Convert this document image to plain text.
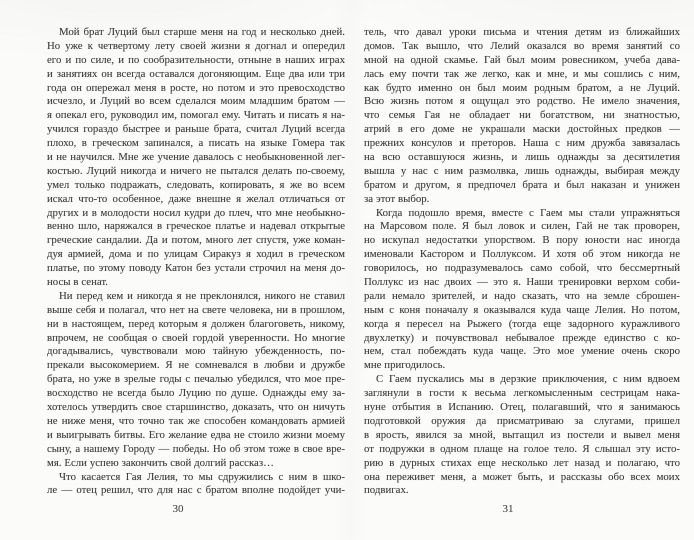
Мой брат Луций был старше меня на год и несколько дней.
Но уже к четвертому лету своей жизни я догнал и опередил
его и по силе, и по сообразительности, отныне в наших играх
и занятиях он всегда оставался догоняющим. Еще два или три
года он опережал меня в росте, но потом и это превосходство
исчезло, и Луций во всем сделался моим младшим братом —
я опекал его, руководил им, помогал ему. Читать и писать я на-
учился гораздо быстрее и раньше брата, считал Луций всегда
плохо, в греческом запинался, а писать на языке Гомера так
и не научился. Мне же учение давалось с необыкновенной лег-
костью. Луций никогда и ничего не пытался делать по-своему,
умел только подражать, следовать, копировать, я же во всем
искал что-то особенное, даже внешне я желал отличаться от
других и в молодости носил кудри до плеч, что мне необыкно-
венно шло, наряжался в греческое платье и надевал открытые
греческие сандалии. Да и потом, много лет спустя, уже коман-
дуя армией, дома и по улицам Сиракуз я ходил в греческом
платье, по этому поводу Катон без устали строчил на меня до-
носы в сенат.
Ни перед кем и никогда я не преклонялся, никого не ставил
выше себя и полагал, что нет на свете человека, ни в прошлом,
ни в настоящем, перед которым я должен благоговеть, никому,
впрочем, не сообщая о своей гордой уверенности. Но многие
догадывались, чувствовали мою тайную убежденность, по-
прекали высокомерием. Я не сомневался в любви и дружбе
брата, но уже в зрелые годы с печалью убедился, что мое пре-
восходство не всегда было Луцию по душе. Однажды ему за-
хотелось утвердить свое старшинство, доказать, что он ничуть
не ниже меня, что точно так же способен командовать армией
и выигрывать битвы. Его желание едва не стоило жизни моему
сыну, а нашему Городу — победы. Но об этом тоже в свое вре-
мя. Если успею закончить свой долгий рассказ…
Что касается Гая Лелия, то мы сдружились с ним в шко-
ле — отец решил, что для нас с братом вполне подойдет учи-
30
тель, что давал уроки письма и чтения детям из ближайших
домов. Так вышло, что Лелий оказался во время занятий со
мной на одной скамье. Гай был моим ровесником, учеба дава-
лась ему почти так же легко, как и мне, и мы сошлись с ним,
как будто именно он был моим родным братом, а не Луций.
Всю жизнь потом я ощущал это родство. Не имело значения,
что семья Гая не обладает ни богатством, ни знатностью,
атрий в его доме не украшали маски достойных предков —
прежних консулов и преторов. Наша с ним дружба завязалась
на всю оставшуюся жизнь, и лишь однажды за десятилетия
вышла у нас с ним размолвка, лишь однажды, выбирая между
братом и другом, я предпочел брата и был наказан и унижен
за этот выбор.
Когда подошло время, вместе с Гаем мы стали упражняться
на Марсовом поле. Я был ловок и силен, Гай не так проворен,
но искупал недостатки упорством. В пору юности нас иногда
именовали Кастором и Поллуксом. И хотя об этом никогда не
говорилось, но подразумевалось само собой, что бессмертный
Поллукс из нас двоих — это я. Наши тренировки верхом соби-
рали немало зрителей, и надо сказать, что на земле сброшен-
ным с коня поначалу я оказывался куда чаще Лелия. Но потом,
когда я пересел на Рыжего (тогда еще задорного куражливого
двухлетку) и почувствовал небывалое прежде единство с ко-
нем, стал побеждать куда чаще. Это мое умение очень скоро
мне пригодилось.
С Гаем пускались мы в дерзкие приключения, с ним вдвоем
заглянули в гости к весьма легкомысленным сестрицам нака-
нуне отбытия в Испанию. Отец, полагавший, что я занимаюсь
подготовкой оружия да присматриваю за слугами, пришел
в ярость, явился за мной, вытащил из постели и вывел меня
от подружки в одном плаще на голое тело. Я слышал эту исто-
рию в дурных стихах еще несколько лет назад и полагаю, что
она переживет меня, а может быть, и рассказы обо всех моих
подвигах.
31
